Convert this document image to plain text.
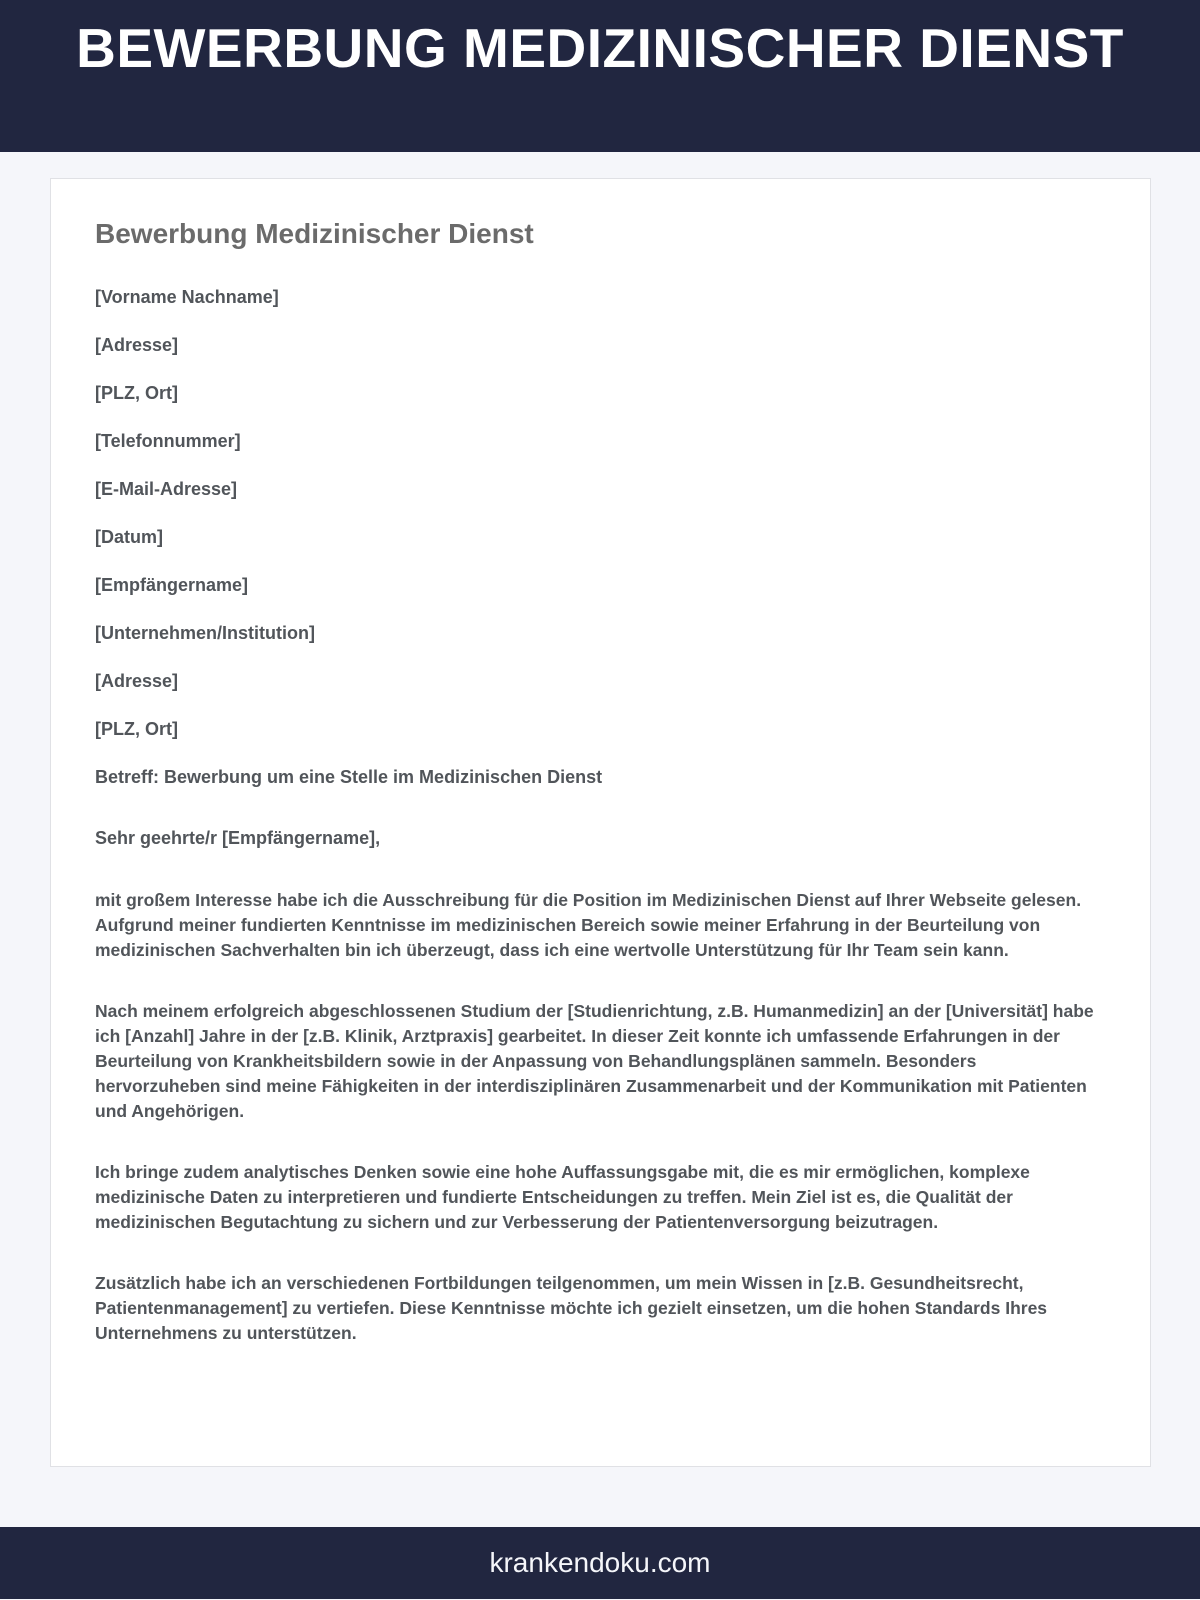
BEWERBUNG MEDIZINISCHER DIENST
Bewerbung Medizinischer Dienst

[Vorname Nachname]

[Adresse]

[PLZ, Ort]

[Telefonnummer]

[E-Mail-Adresse]

[Datum]

[Empfängername]

[Unternehmen/Institution]

[Adresse]

[PLZ, Ort]

Betreff: Bewerbung um eine Stelle im Medizinischen Dienst

Sehr geehrte/r [Empfängername],

mit großem Interesse habe ich die Ausschreibung für die Position im Medizinischen Dienst auf Ihrer Webseite gelesen. Aufgrund meiner fundierten Kenntnisse im medizinischen Bereich sowie meiner Erfahrung in der Beurteilung von medizinischen Sachverhalten bin ich überzeugt, dass ich eine wertvolle Unterstützung für Ihr Team sein kann.

Nach meinem erfolgreich abgeschlossenen Studium der [Studienrichtung, z.B. Humanmedizin] an der [Universität] habe ich [Anzahl] Jahre in der [z.B. Klinik, Arztpraxis] gearbeitet. In dieser Zeit konnte ich umfassende Erfahrungen in der Beurteilung von Krankheitsbildern sowie in der Anpassung von Behandlungsplänen sammeln. Besonders hervorzuheben sind meine Fähigkeiten in der interdisziplinären Zusammenarbeit und der Kommunikation mit Patienten und Angehörigen.

Ich bringe zudem analytisches Denken sowie eine hohe Auffassungsgabe mit, die es mir ermöglichen, komplexe medizinische Daten zu interpretieren und fundierte Entscheidungen zu treffen. Mein Ziel ist es, die Qualität der medizinischen Begutachtung zu sichern und zur Verbesserung der Patientenversorgung beizutragen.

Zusätzlich habe ich an verschiedenen Fortbildungen teilgenommen, um mein Wissen in [z.B. Gesundheitsrecht, Patientenmanagement] zu vertiefen. Diese Kenntnisse möchte ich gezielt einsetzen, um die hohen Standards Ihres Unternehmens zu unterstützen.

krankendoku.com
